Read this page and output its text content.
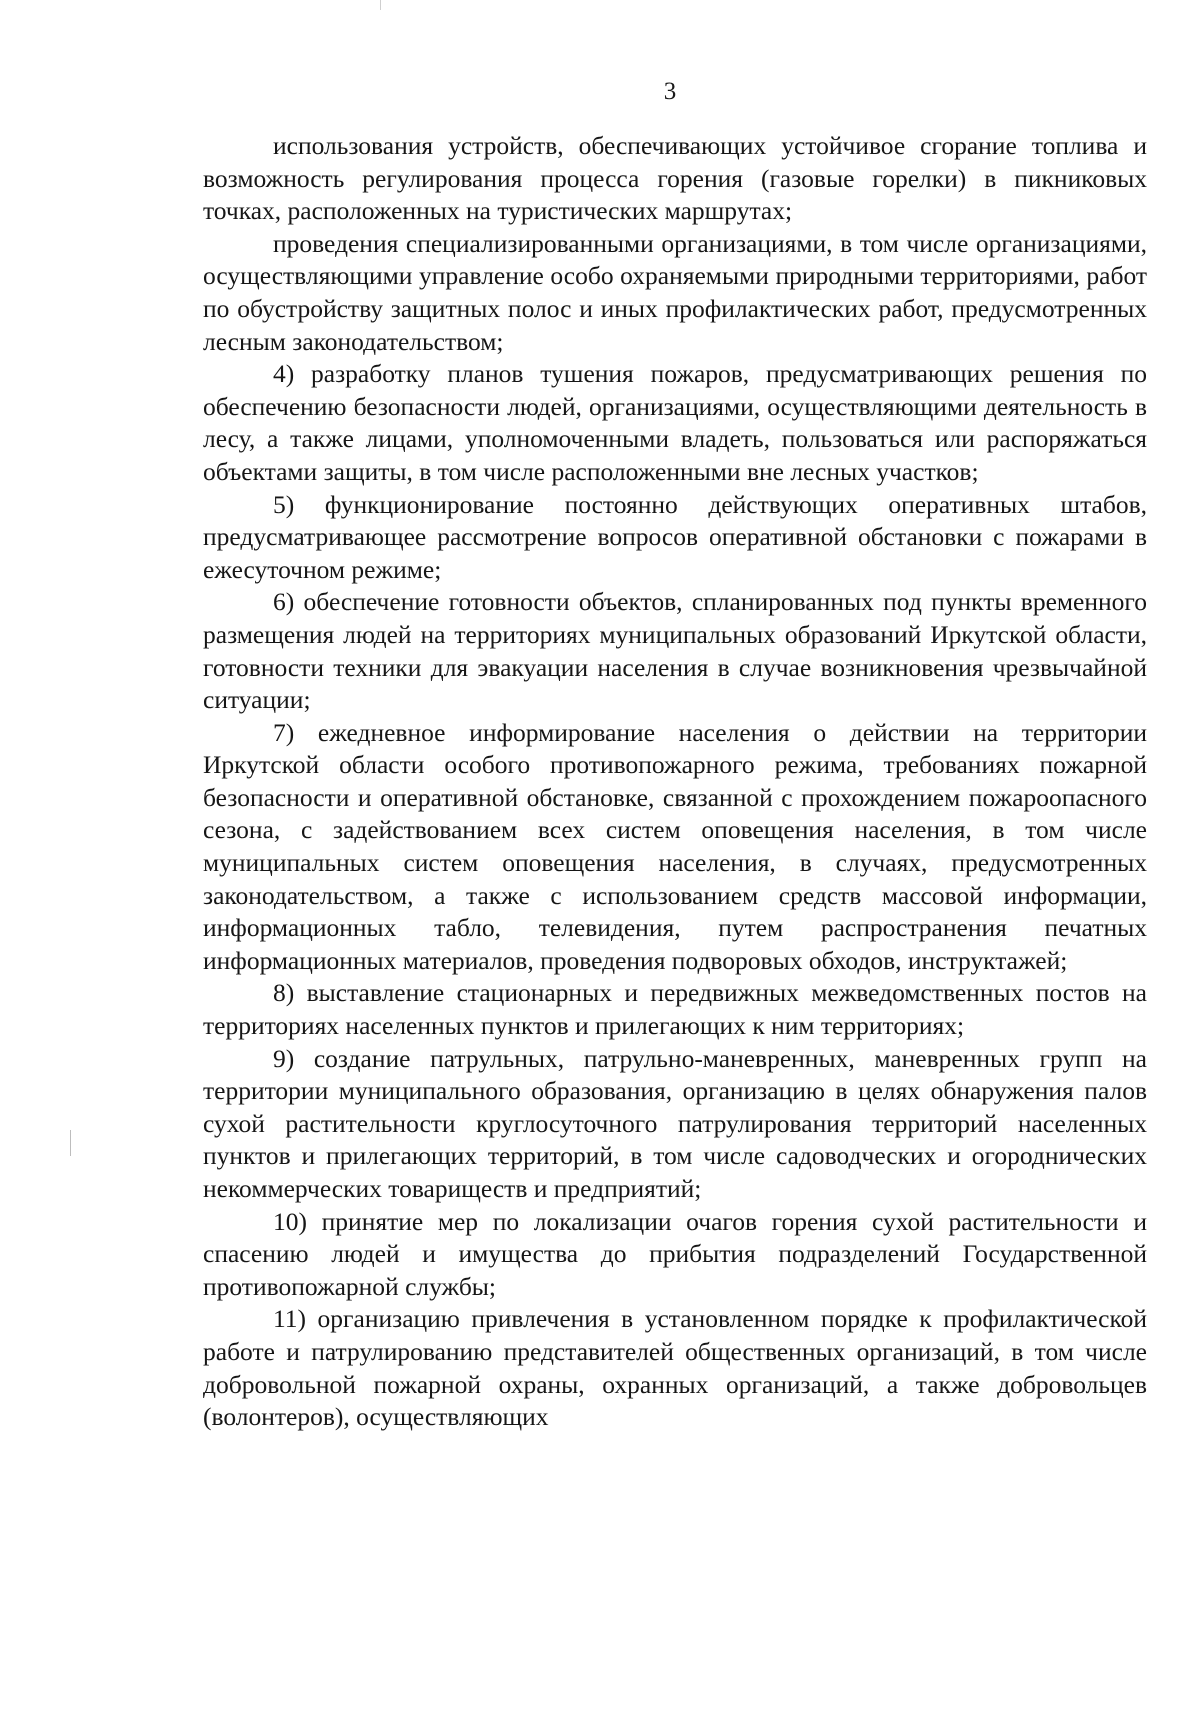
3

использования устройств, обеспечивающих устойчивое сгорание топлива и возможность регулирования процесса горения (газовые горелки) в пикниковых точках, расположенных на туристических маршрутах;

проведения специализированными организациями, в том числе организациями, осуществляющими управление особо охраняемыми природными территориями, работ по обустройству защитных полос и иных профилактических работ, предусмотренных лесным законодательством;

4) разработку планов тушения пожаров, предусматривающих решения по обеспечению безопасности людей, организациями, осуществляющими деятельность в лесу, а также лицами, уполномоченными владеть, пользоваться или распоряжаться объектами защиты, в том числе расположенными вне лесных участков;

5) функционирование постоянно действующих оперативных штабов, предусматривающее рассмотрение вопросов оперативной обстановки с пожарами в ежесуточном режиме;

6) обеспечение готовности объектов, спланированных под пункты временного размещения людей на территориях муниципальных образований Иркутской области, готовности техники для эвакуации населения в случае возникновения чрезвычайной ситуации;

7) ежедневное информирование населения о действии на территории Иркутской области особого противопожарного режима, требованиях пожарной безопасности и оперативной обстановке, связанной с прохождением пожароопасного сезона, с задействованием всех систем оповещения населения, в том числе муниципальных систем оповещения населения, в случаях, предусмотренных законодательством, а также с использованием средств массовой информации, информационных табло, телевидения, путем распространения печатных информационных материалов, проведения подворовых обходов, инструктажей;

8) выставление стационарных и передвижных межведомственных постов на территориях населенных пунктов и прилегающих к ним территориях;

9) создание патрульных, патрульно-маневренных, маневренных групп на территории муниципального образования, организацию в целях обнаружения палов сухой растительности круглосуточного патрулирования территорий населенных пунктов и прилегающих территорий, в том числе садоводческих и огороднических некоммерческих товариществ и предприятий;

10) принятие мер по локализации очагов горения сухой растительности и спасению людей и имущества до прибытия подразделений Государственной противопожарной службы;

11) организацию привлечения в установленном порядке к профилактической работе и патрулированию представителей общественных организаций, в том числе добровольной пожарной охраны, охранных организаций, а также добровольцев (волонтеров), осуществляющих
